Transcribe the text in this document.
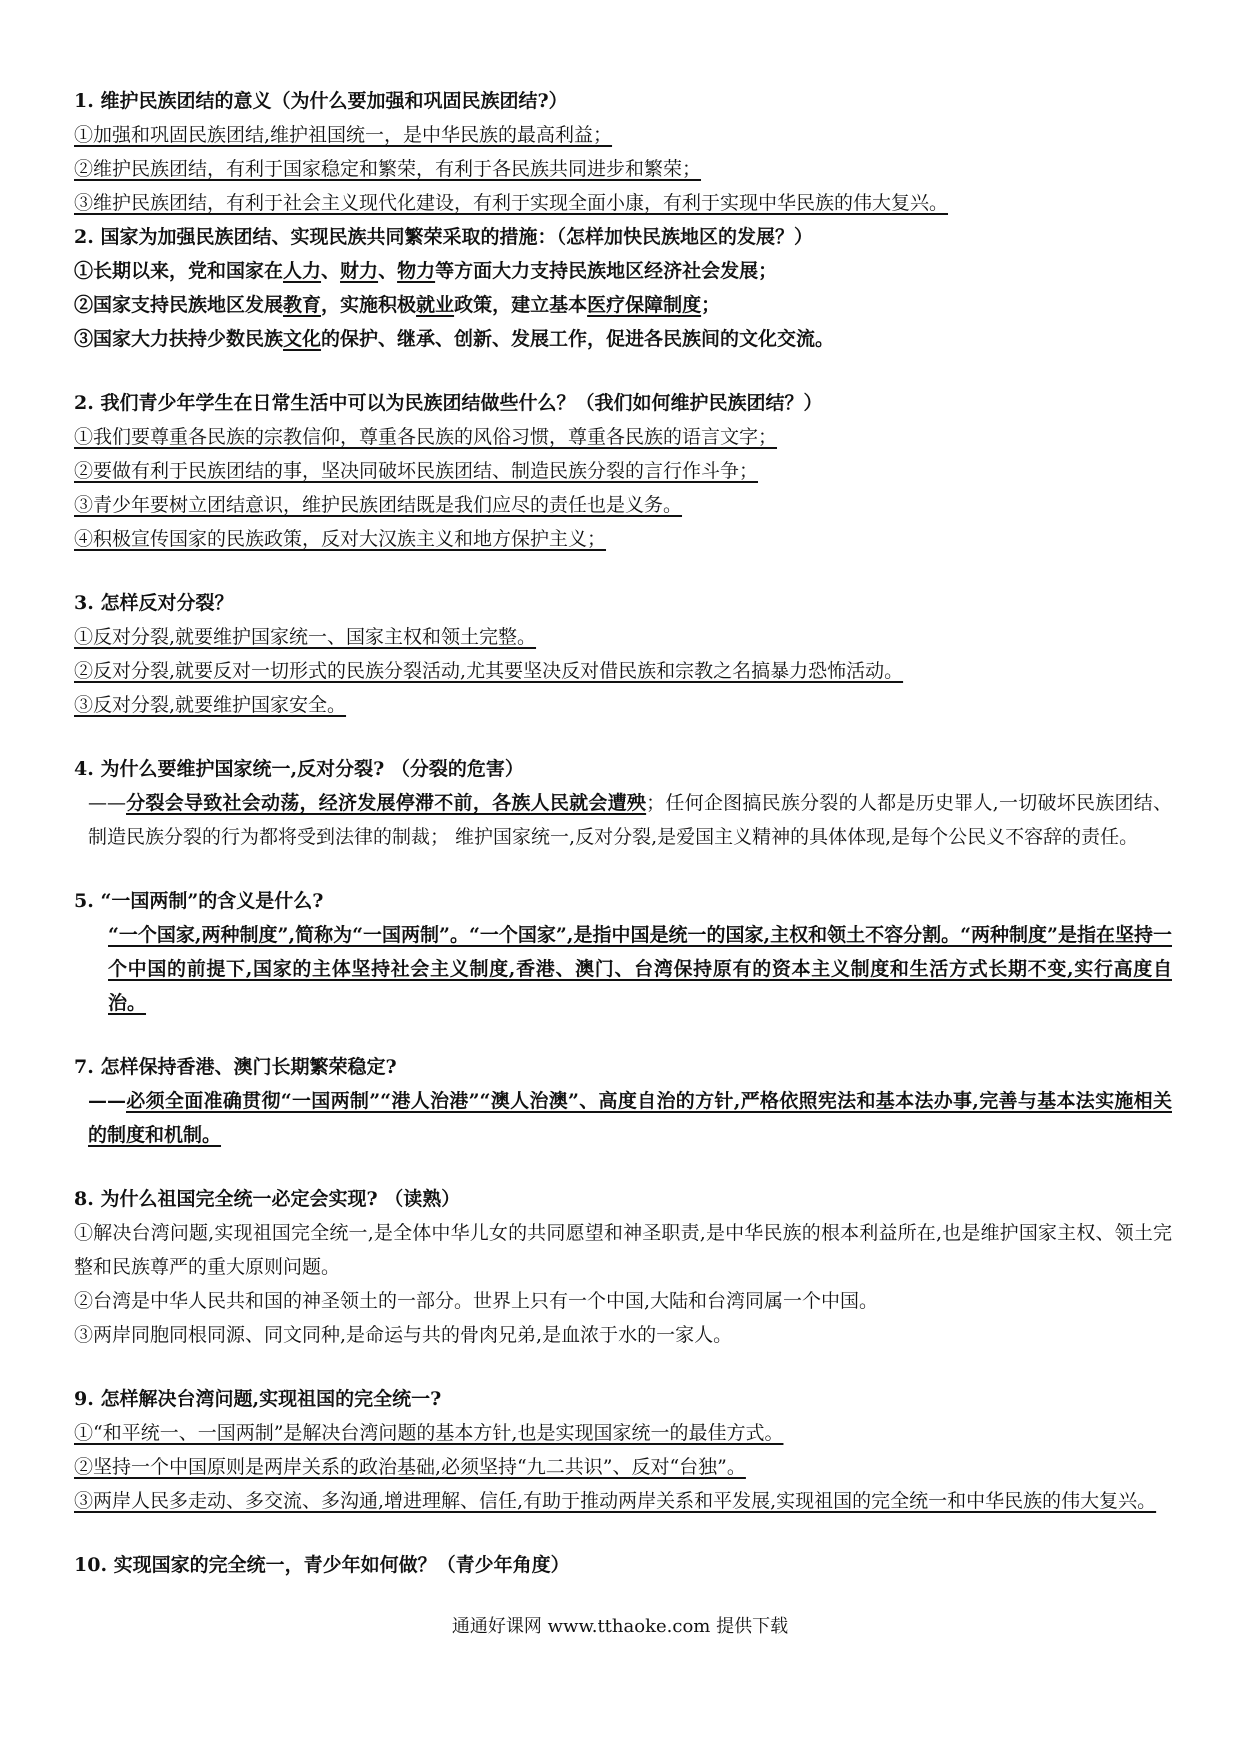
1. 维护民族团结的意义（为什么要加强和巩固民族团结?）
①加强和巩固民族团结,维护祖国统一，是中华民族的最高利益；
②维护民族团结，有利于国家稳定和繁荣，有利于各民族共同进步和繁荣；
③维护民族团结，有利于社会主义现代化建设，有利于实现全面小康，有利于实现中华民族的伟大复兴。
2. 国家为加强民族团结、实现民族共同繁荣采取的措施：（怎样加快民族地区的发展？）
①长期以来，党和国家在人力、财力、物力等方面大力支持民族地区经济社会发展；
②国家支持民族地区发展教育，实施积极就业政策，建立基本医疗保障制度；
③国家大力扶持少数民族文化的保护、继承、创新、发展工作，促进各民族间的文化交流。
2. 我们青少年学生在日常生活中可以为民族团结做些什么？（我们如何维护民族团结？）
①我们要尊重各民族的宗教信仰，尊重各民族的风俗习惯，尊重各民族的语言文字；
②要做有利于民族团结的事，坚决同破坏民族团结、制造民族分裂的言行作斗争；
③青少年要树立团结意识，维护民族团结既是我们应尽的责任也是义务。
④积极宣传国家的民族政策，反对大汉族主义和地方保护主义；
3. 怎样反对分裂？
①反对分裂,就要维护国家统一、国家主权和领土完整。
②反对分裂,就要反对一切形式的民族分裂活动,尤其要坚决反对借民族和宗教之名搞暴力恐怖活动。
③反对分裂,就要维护国家安全。
4. 为什么要维护国家统一,反对分裂? （分裂的危害）
——分裂会导致社会动荡，经济发展停滞不前，各族人民就会遭殃；任何企图搞民族分裂的人都是历史罪人,一切破坏民族团结、制造民族分裂的行为都将受到法律的制裁； 维护国家统一,反对分裂,是爱国主义精神的具体体现,是每个公民义不容辞的责任。
5. “一国两制”的含义是什么?
“一个国家,两种制度”,简称为“一国两制”。“一个国家”,是指中国是统一的国家,主权和领土不容分割。“两种制度”是指在坚持一个中国的前提下,国家的主体坚持社会主义制度,香港、澳门、台湾保持原有的资本主义制度和生活方式长期不变,实行高度自治。
7. 怎样保持香港、澳门长期繁荣稳定?
——必须全面准确贯彻“一国两制”“港人治港”“澳人治澳”、高度自治的方针,严格依照宪法和基本法办事,完善与基本法实施相关的制度和机制。
8. 为什么祖国完全统一必定会实现? （读熟）
①解决台湾问题,实现祖国完全统一,是全体中华儿女的共同愿望和神圣职责,是中华民族的根本利益所在,也是维护国家主权、领土完整和民族尊严的重大原则问题。
②台湾是中华人民共和国的神圣领土的一部分。世界上只有一个中国,大陆和台湾同属一个中国。
③两岸同胞同根同源、同文同种,是命运与共的骨肉兄弟,是血浓于水的一家人。
9. 怎样解决台湾问题,实现祖国的完全统一?
①“和平统一、一国两制”是解决台湾问题的基本方针,也是实现国家统一的最佳方式。
②坚持一个中国原则是两岸关系的政治基础,必须坚持“九二共识”、反对“台独”。
③两岸人民多走动、多交流、多沟通,增进理解、信任,有助于推动两岸关系和平发展,实现祖国的完全统一和中华民族的伟大复兴。
10. 实现国家的完全统一，青少年如何做？（青少年角度）
通通好课网 www.tthaoke.com 提供下载
